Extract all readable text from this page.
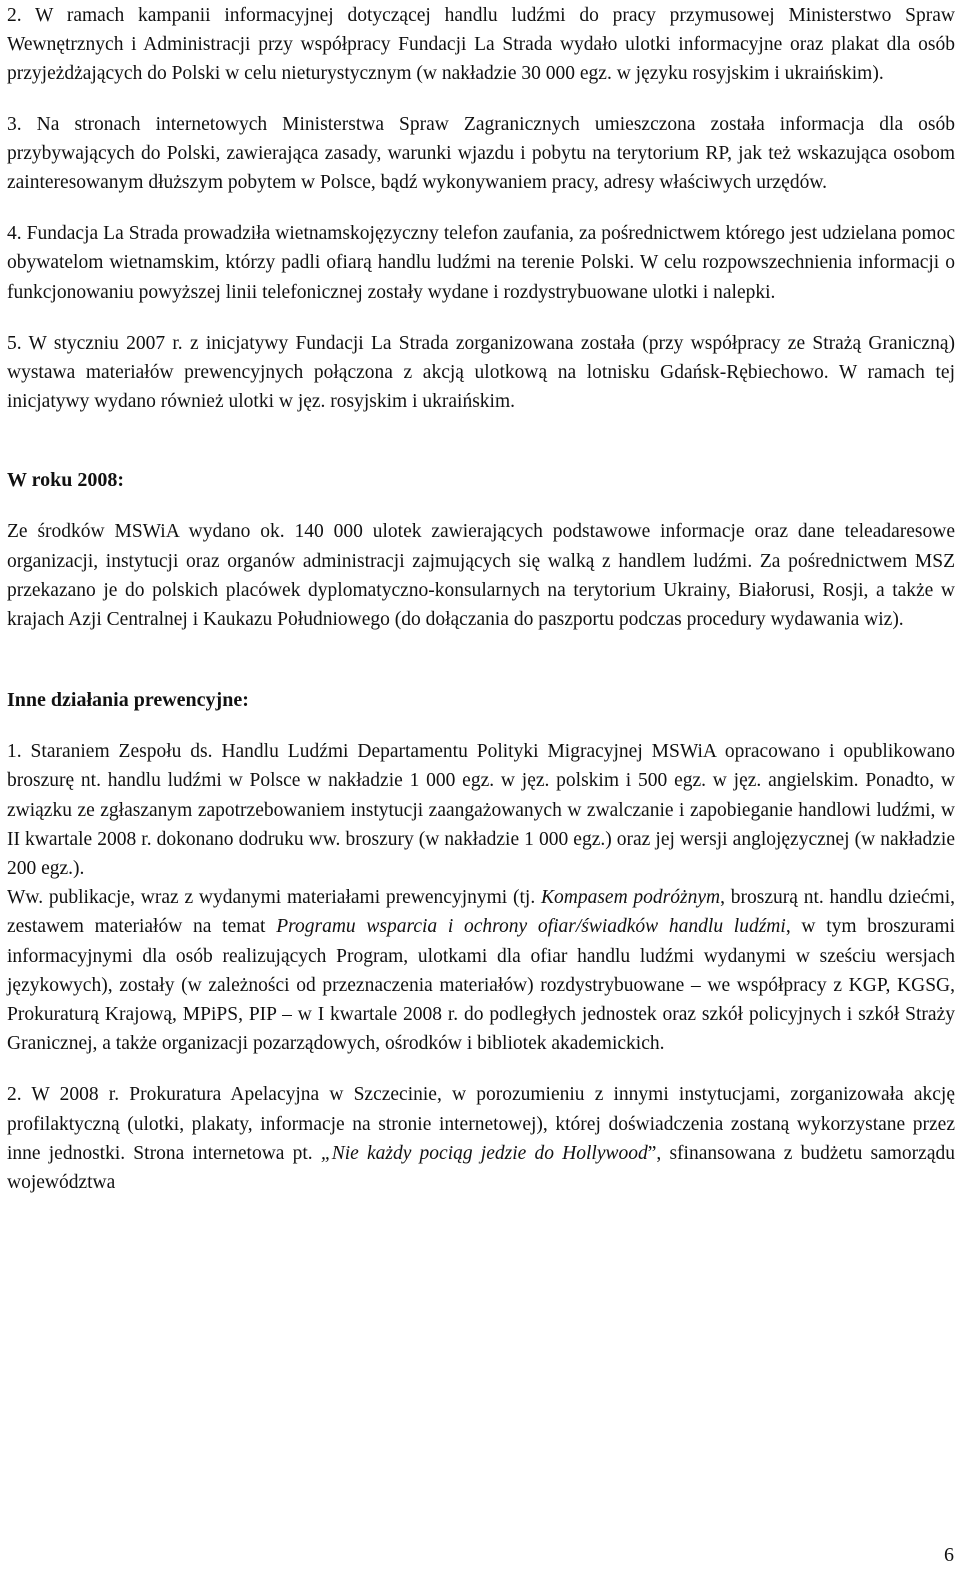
2. W ramach kampanii informacyjnej dotyczącej handlu ludźmi do pracy przymusowej Ministerstwo Spraw Wewnętrznych i Administracji przy współpracy Fundacji La Strada wydało ulotki informacyjne oraz plakat dla osób przyjeżdżających do Polski w celu nieturystycznym (w nakładzie 30 000 egz. w języku rosyjskim i ukraińskim).

3. Na stronach internetowych Ministerstwa Spraw Zagranicznych umieszczona została informacja dla osób przybywających do Polski, zawierająca zasady, warunki wjazdu i pobytu na terytorium RP, jak też wskazująca osobom zainteresowanym dłuższym pobytem w Polsce, bądź wykonywaniem pracy, adresy właściwych urzędów.

4. Fundacja La Strada prowadziła wietnamskojęzyczny telefon zaufania, za pośrednictwem którego jest udzielana pomoc obywatelom wietnamskim, którzy padli ofiarą handlu ludźmi na terenie Polski. W celu rozpowszechnienia informacji o funkcjonowaniu powyższej linii telefonicznej zostały wydane i rozdystrybuowane ulotki i nalepki.

5. W styczniu 2007 r. z inicjatywy Fundacji La Strada zorganizowana została (przy współpracy ze Strażą Graniczną) wystawa materiałów prewencyjnych połączona z akcją ulotkową na lotnisku Gdańsk-Rębiechowo. W ramach tej inicjatywy wydano również ulotki w jęz. rosyjskim i ukraińskim.

W roku 2008:

Ze środków MSWiA wydano ok. 140 000 ulotek zawierających podstawowe informacje oraz dane teleadaresowe organizacji, instytucji oraz organów administracji zajmujących się walką z handlem ludźmi. Za pośrednictwem MSZ przekazano je do polskich placówek dyplomatyczno-konsularnych na terytorium Ukrainy, Białorusi, Rosji, a także w krajach Azji Centralnej i Kaukazu Południowego (do dołączania do paszportu podczas procedury wydawania wiz).

Inne działania prewencyjne:

1. Staraniem Zespołu ds. Handlu Ludźmi Departamentu Polityki Migracyjnej MSWiA opracowano i opublikowano broszurę nt. handlu ludźmi w Polsce w nakładzie 1 000 egz. w jęz. polskim i 500 egz. w jęz. angielskim. Ponadto, w związku ze zgłaszanym zapotrzebowaniem instytucji zaangażowanych w zwalczanie i zapobieganie handlowi ludźmi, w II kwartale 2008 r. dokonano dodruku ww. broszury (w nakładzie 1 000 egz.) oraz jej wersji anglojęzycznej (w nakładzie 200 egz.).

Ww. publikacje, wraz z wydanymi materiałami prewencyjnymi (tj. Kompasem podróżnym, broszurą nt. handlu dziećmi, zestawem materiałów na temat Programu wsparcia i ochrony ofiar/świadków handlu ludźmi, w tym broszurami informacyjnymi dla osób realizujących Program, ulotkami dla ofiar handlu ludźmi wydanymi w sześciu wersjach językowych), zostały (w zależności od przeznaczenia materiałów) rozdystrybuowane – we współpracy z KGP, KGSG, Prokuraturą Krajową, MPiPS, PIP – w I kwartale 2008 r. do podległych jednostek oraz szkół policyjnych i szkół Straży Granicznej, a także organizacji pozarządowych, ośrodków i bibliotek akademickich.

2. W 2008 r. Prokuratura Apelacyjna w Szczecinie, w porozumieniu z innymi instytucjami, zorganizowała akcję profilaktyczną (ulotki, plakaty, informacje na stronie internetowej), której doświadczenia zostaną wykorzystane przez inne jednostki. Strona internetowa pt. „Nie każdy pociąg jedzie do Hollywood”, sfinansowana z budżetu samorządu województwa

6
